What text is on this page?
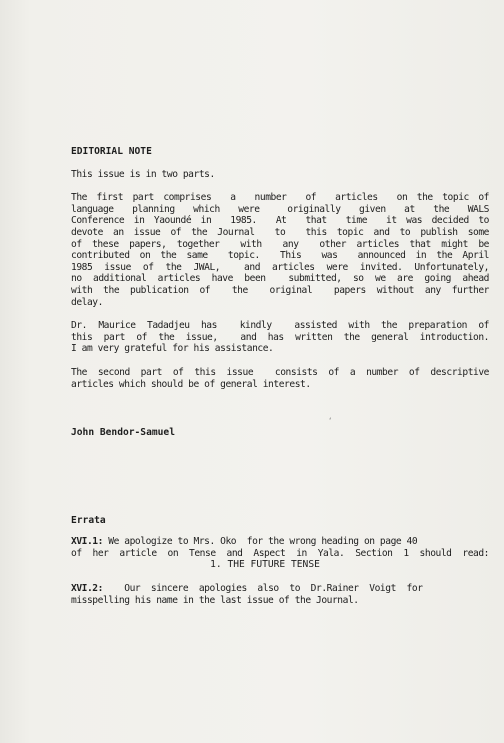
EDITORIAL NOTE

This issue is in two parts.

The first part comprises  a  number  of  articles  on the topic of
language  planning  which  were   originally  given  at  the  WALS
Conference in Yaoundé in  1985.  At  that  time  it was decided to
devote an issue of the Journal  to  this topic and to publish some
of these papers, together  with  any  other articles that might be
contributed on the same  topic.  This  was  announced in the April
1985 issue of the JWAL,  and articles were invited. Unfortunately,
no additional articles have been  submitted, so we are going ahead
with the publication of  the  original  papers without any further
delay.

Dr. Maurice Tadadjeu has  kindly  assisted with the preparation of
this part of the issue,  and has written the general introduction.
I am very grateful for his assistance.

The second part of this issue  consists of a number of descriptive
articles which should be of general interest.

John Bendor-Samuel
Errata

XVI.1: We apologize to Mrs. Oko  for the wrong heading on page 40
of her article on Tense and Aspect in Yala. Section 1 should read:
1. THE FUTURE TENSE

XVI.2:    Our  sincere  apologies  also  to  Dr.Rainer  Voigt  for
misspelling his name in the last issue of the Journal.

‘
